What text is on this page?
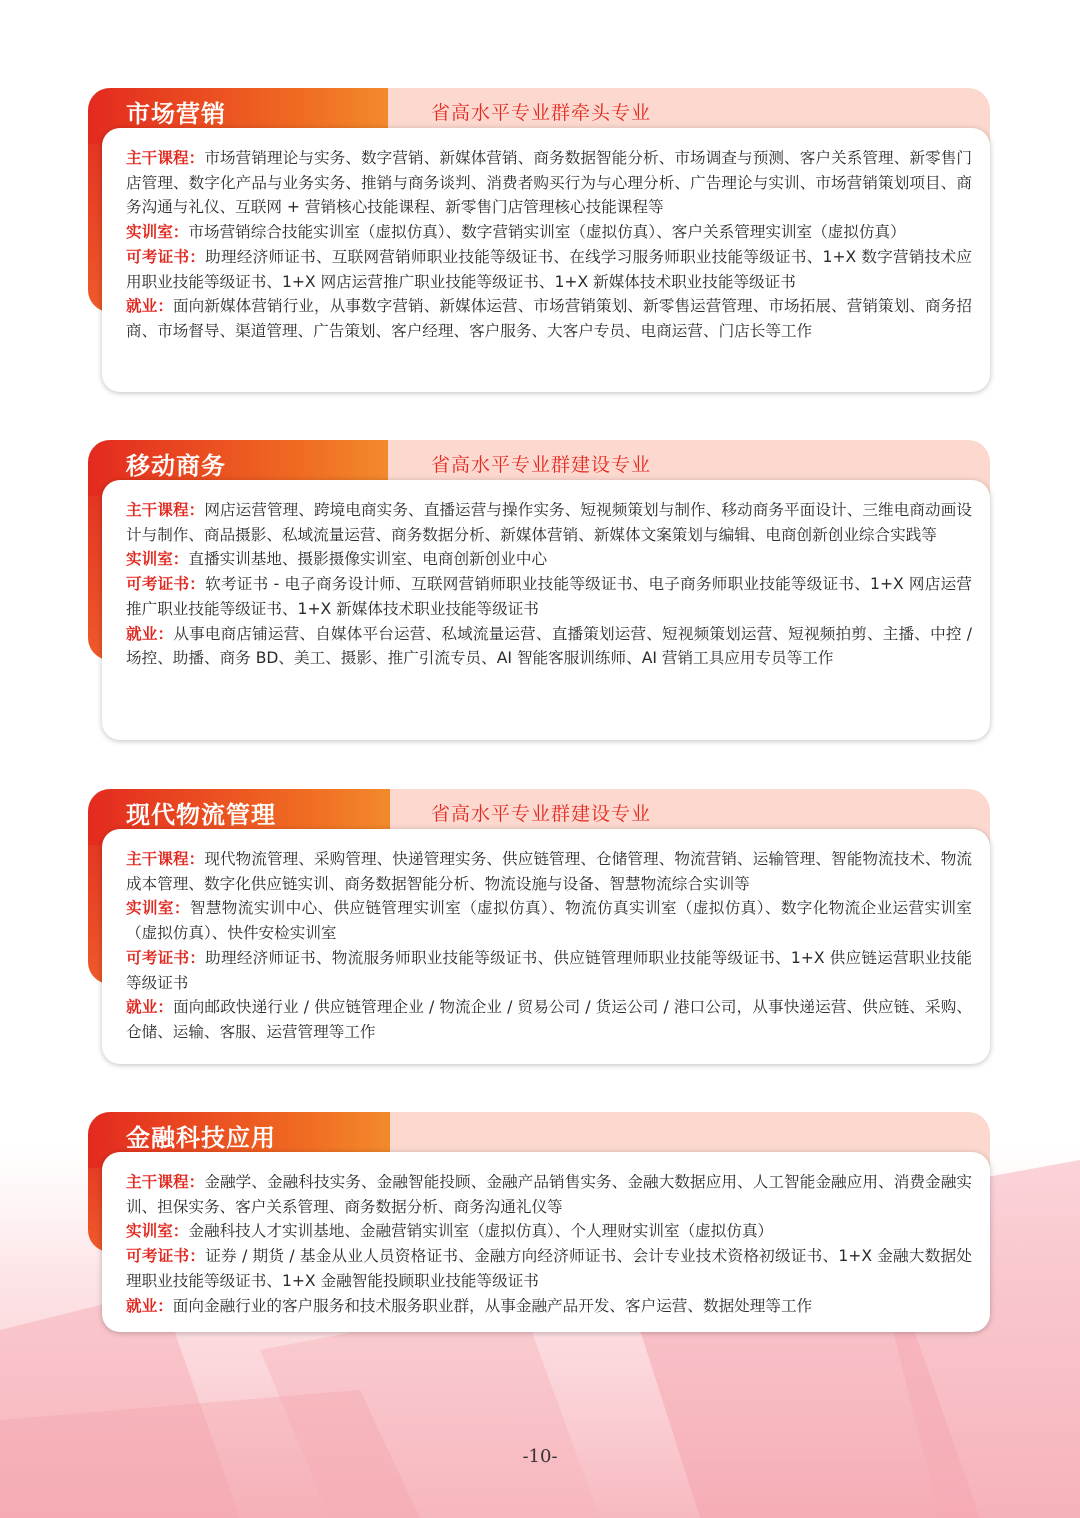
市场营销	省高水平专业群牵头专业

主干课程：市场营销理论与实务、数字营销、新媒体营销、商务数据智能分析、市场调查与预测、客户关系管理、新零售门店管理、数字化产品与业务实务、推销与商务谈判、消费者购买行为与心理分析、广告理论与实训、市场营销策划项目、商务沟通与礼仪、互联网 + 营销核心技能课程、新零售门店管理核心技能课程等

实训室：市场营销综合技能实训室（虚拟仿真）、数字营销实训室（虚拟仿真）、客户关系管理实训室（虚拟仿真）

可考证书：助理经济师证书、互联网营销师职业技能等级证书、在线学习服务师职业技能等级证书、1+X 数字营销技术应用职业技能等级证书、1+X 网店运营推广职业技能等级证书、1+X 新媒体技术职业技能等级证书

就业：面向新媒体营销行业，从事数字营销、新媒体运营、市场营销策划、新零售运营管理、市场拓展、营销策划、商务招商、市场督导、渠道管理、广告策划、客户经理、客户服务、大客户专员、电商运营、门店长等工作

移动商务	省高水平专业群建设专业

主干课程：网店运营管理、跨境电商实务、直播运营与操作实务、短视频策划与制作、移动商务平面设计、三维电商动画设计与制作、商品摄影、私域流量运营、商务数据分析、新媒体营销、新媒体文案策划与编辑、电商创新创业综合实践等

实训室：直播实训基地、摄影摄像实训室、电商创新创业中心

可考证书：软考证书 - 电子商务设计师、互联网营销师职业技能等级证书、电子商务师职业技能等级证书、1+X 网店运营推广职业技能等级证书、1+X 新媒体技术职业技能等级证书

就业：从事电商店铺运营、自媒体平台运营、私域流量运营、直播策划运营、短视频策划运营、短视频拍剪、主播、中控 / 场控、助播、商务 BD、美工、摄影、推广引流专员、AI 智能客服训练师、AI 营销工具应用专员等工作

现代物流管理	省高水平专业群建设专业

主干课程：现代物流管理、采购管理、快递管理实务、供应链管理、仓储管理、物流营销、运输管理、智能物流技术、物流成本管理、数字化供应链实训、商务数据智能分析、物流设施与设备、智慧物流综合实训等

实训室：智慧物流实训中心、供应链管理实训室（虚拟仿真）、物流仿真实训室（虚拟仿真）、数字化物流企业运营实训室（虚拟仿真）、快件安检实训室

可考证书：助理经济师证书、物流服务师职业技能等级证书、供应链管理师职业技能等级证书、1+X 供应链运营职业技能等级证书

就业：面向邮政快递行业 / 供应链管理企业 / 物流企业 / 贸易公司 / 货运公司 / 港口公司，从事快递运营、供应链、采购、仓储、运输、客服、运营管理等工作

金融科技应用

主干课程：金融学、金融科技实务、金融智能投顾、金融产品销售实务、金融大数据应用、人工智能金融应用、消费金融实训、担保实务、客户关系管理、商务数据分析、商务沟通礼仪等

实训室：金融科技人才实训基地、金融营销实训室（虚拟仿真）、个人理财实训室（虚拟仿真）

可考证书：证券 / 期货 / 基金从业人员资格证书、金融方向经济师证书、会计专业技术资格初级证书、1+X 金融大数据处理职业技能等级证书、1+X 金融智能投顾职业技能等级证书

就业：面向金融行业的客户服务和技术服务职业群，从事金融产品开发、客户运营、数据处理等工作

-10-
